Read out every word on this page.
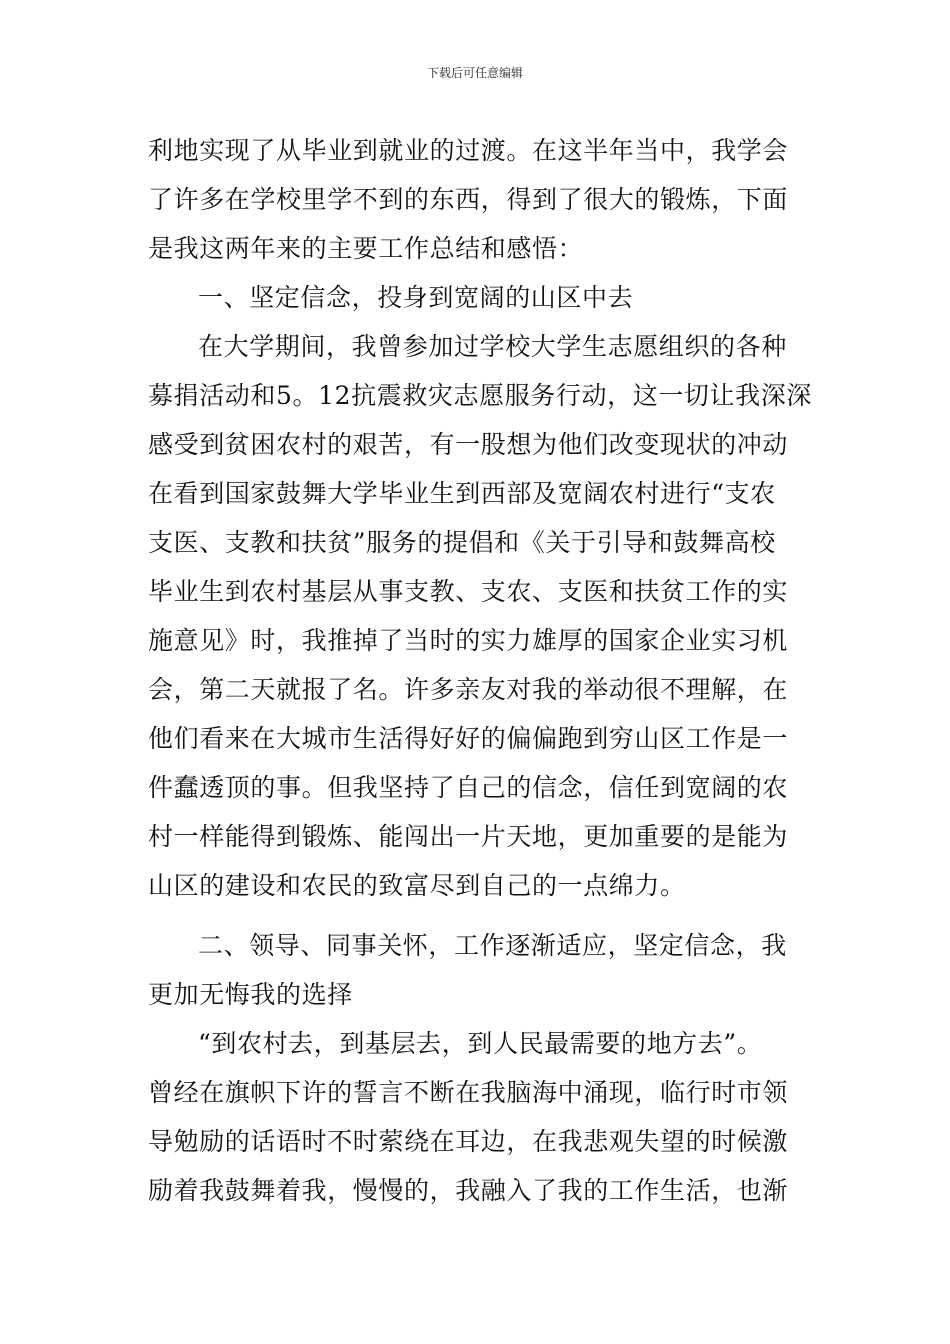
下载后可任意编辑
利地实现了从毕业到就业的过渡。在这半年当中，我学会
了许多在学校里学不到的东西，得到了很大的锻炼，下面
是我这两年来的主要工作总结和感悟：
一、坚定信念，投身到宽阔的山区中去
在大学期间，我曾参加过学校大学生志愿组织的各种
募捐活动和5。12抗震救灾志愿服务行动，这一切让我深深
感受到贫困农村的艰苦，有一股想为他们改变现状的冲动
在看到国家鼓舞大学毕业生到西部及宽阔农村进行“支农
支医、支教和扶贫”服务的提倡和《关于引导和鼓舞高校
毕业生到农村基层从事支教、支农、支医和扶贫工作的实
施意见》时，我推掉了当时的实力雄厚的国家企业实习机
会，第二天就报了名。许多亲友对我的举动很不理解，在
他们看来在大城市生活得好好的偏偏跑到穷山区工作是一
件蠢透顶的事。但我坚持了自己的信念，信任到宽阔的农
村一样能得到锻炼、能闯出一片天地，更加重要的是能为
山区的建设和农民的致富尽到自己的一点绵力。
二、领导、同事关怀，工作逐渐适应，坚定信念，我
更加无悔我的选择
“到农村去，到基层去，到人民最需要的地方去”。
曾经在旗帜下许的誓言不断在我脑海中涌现，临行时市领
导勉励的话语时不时萦绕在耳边，在我悲观失望的时候激
励着我鼓舞着我，慢慢的，我融入了我的工作生活，也渐
